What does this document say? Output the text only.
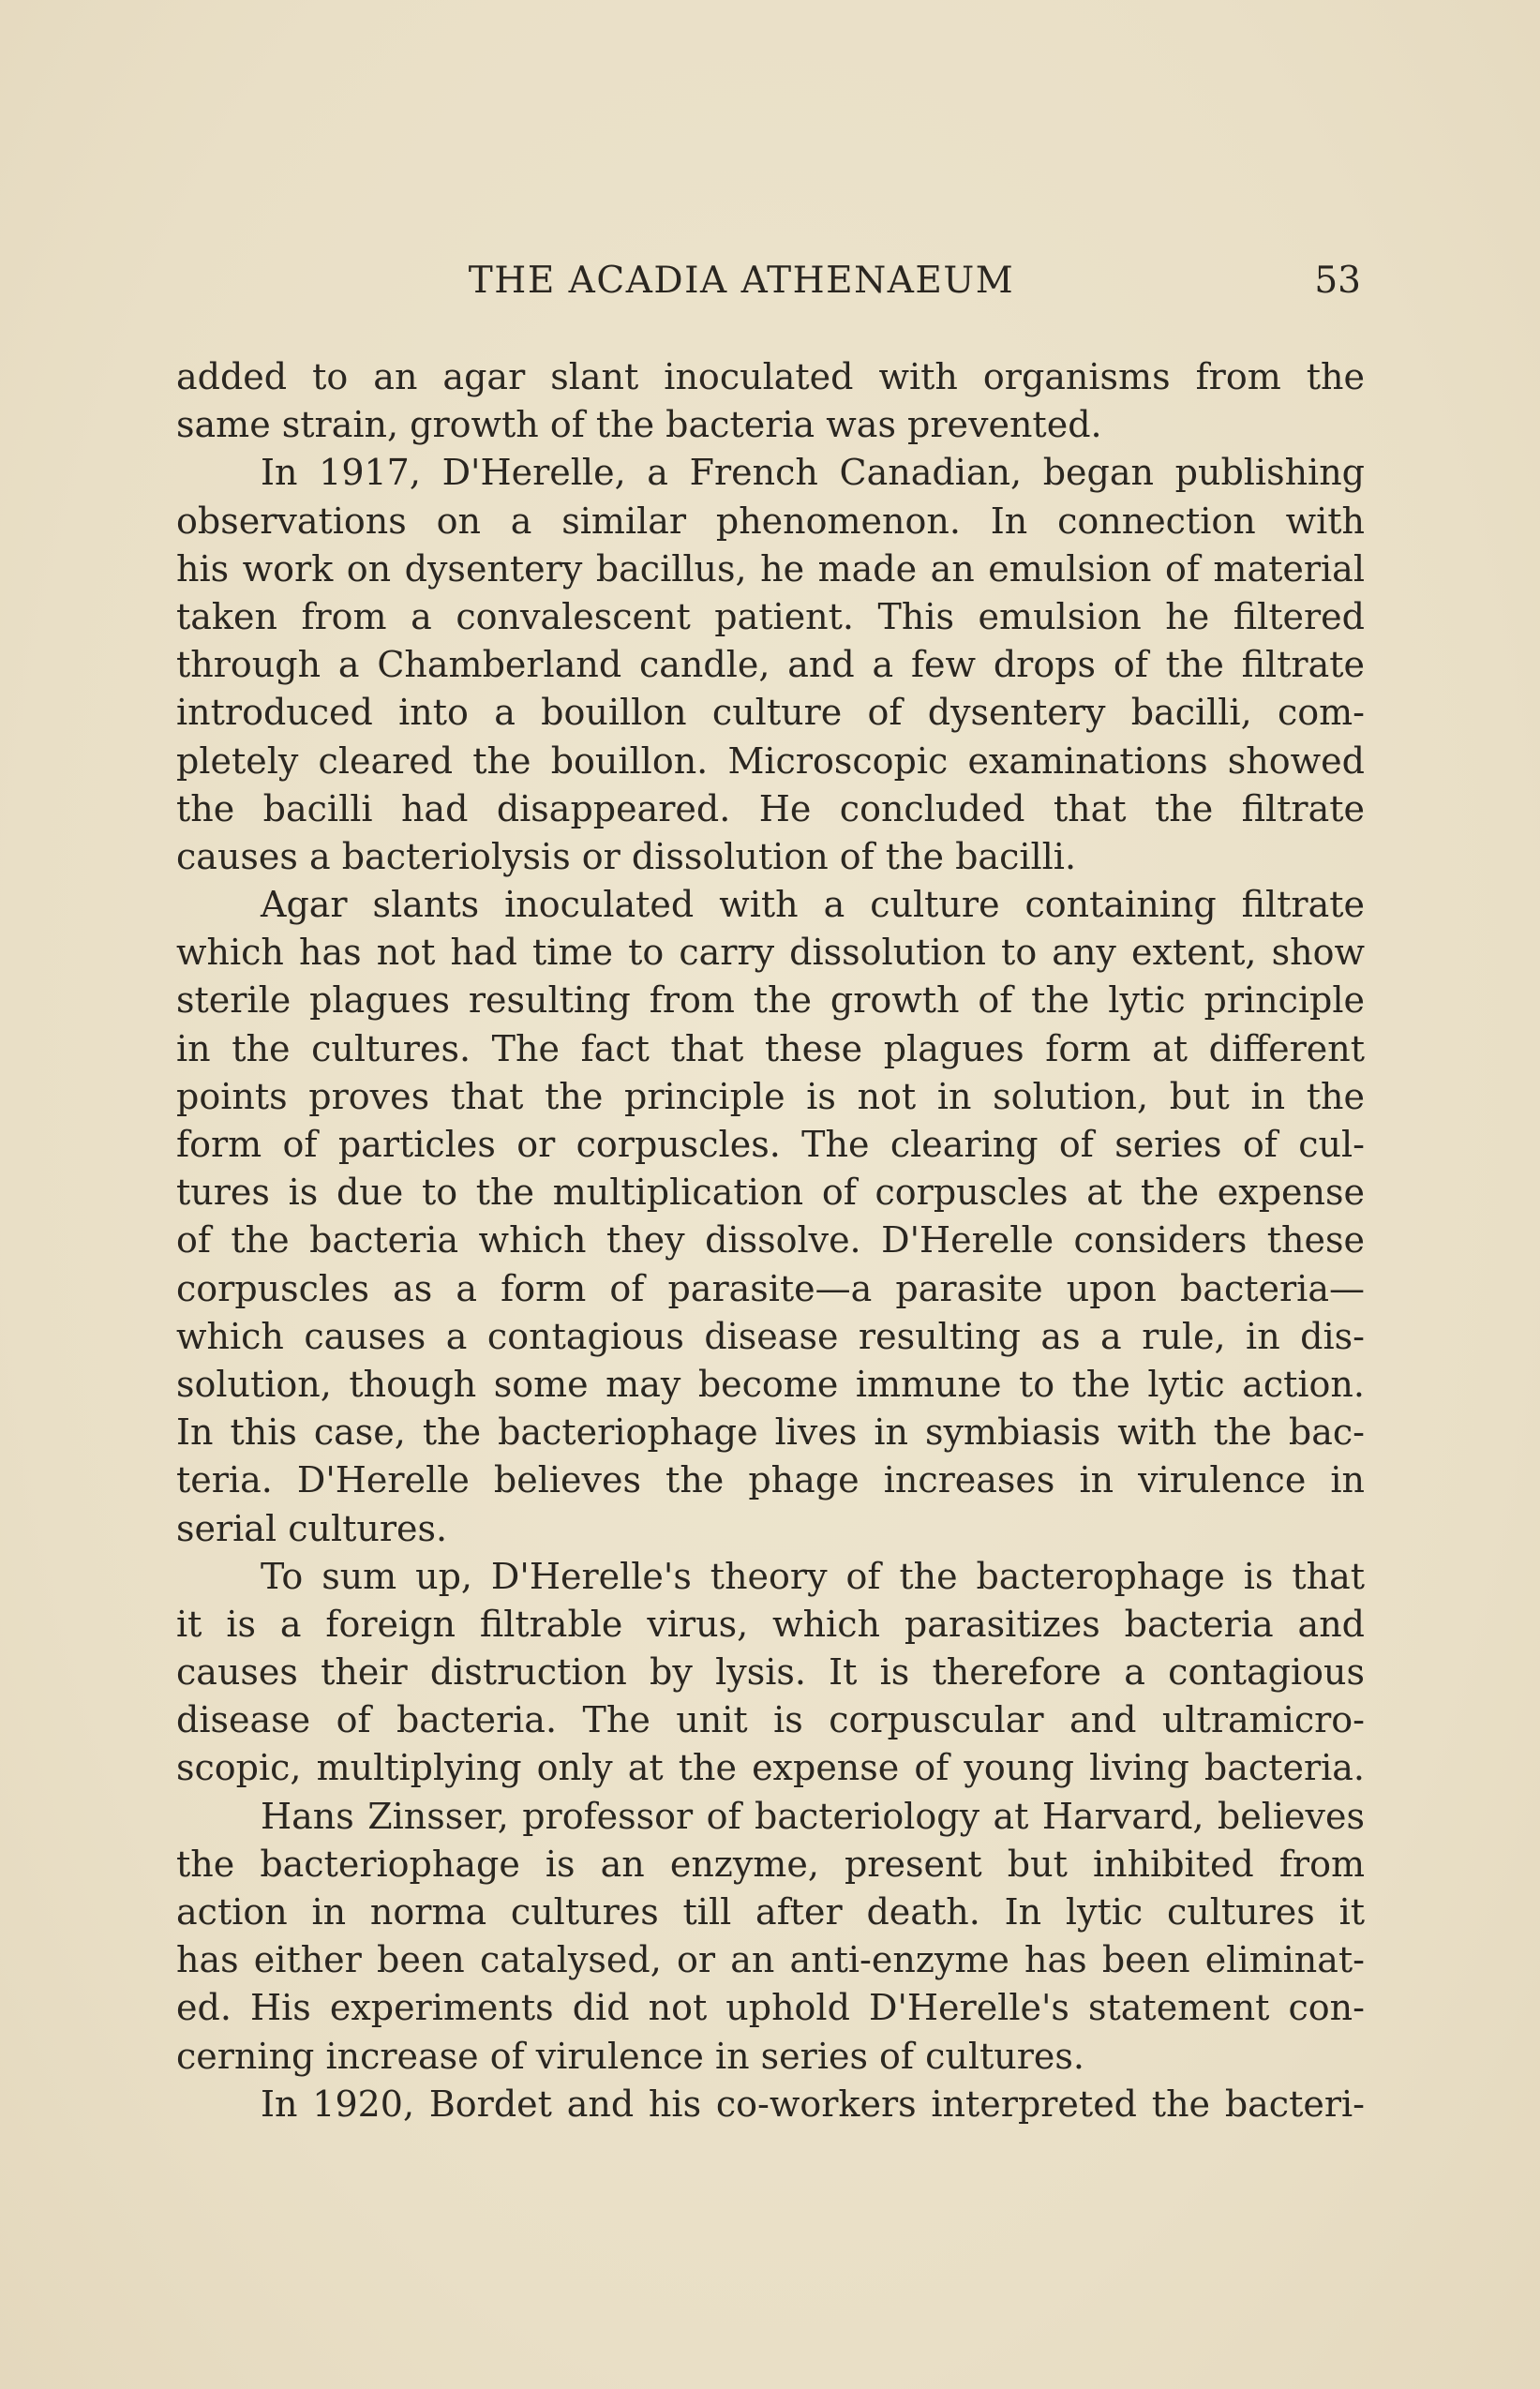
THE ACADIA ATHENAEUM	53
added to an agar slant inoculated with organisms from the
same strain, growth of the bacteria was prevented.
In 1917, D'Herelle, a French Canadian, began publishing
observations on a similar phenomenon. In connection with
his work on dysentery bacillus, he made an emulsion of material
taken from a convalescent patient. This emulsion he filtered
through a Chamberland candle, and a few drops of the filtrate
introduced into a bouillon culture of dysentery bacilli, com-
pletely cleared the bouillon. Microscopic examinations showed
the bacilli had disappeared. He concluded that the filtrate
causes a bacteriolysis or dissolution of the bacilli.
Agar slants inoculated with a culture containing filtrate
which has not had time to carry dissolution to any extent, show
sterile plagues resulting from the growth of the lytic principle
in the cultures. The fact that these plagues form at different
points proves that the principle is not in solution, but in the
form of particles or corpuscles. The clearing of series of cul-
tures is due to the multiplication of corpuscles at the expense
of the bacteria which they dissolve. D'Herelle considers these
corpuscles as a form of parasite—a parasite upon bacteria—
which causes a contagious disease resulting as a rule, in dis-
solution, though some may become immune to the lytic action.
In this case, the bacteriophage lives in symbiasis with the bac-
teria. D'Herelle believes the phage increases in virulence in
serial cultures.
To sum up, D'Herelle's theory of the bacterophage is that
it is a foreign filtrable virus, which parasitizes bacteria and
causes their distruction by lysis. It is therefore a contagious
disease of bacteria. The unit is corpuscular and ultramicro-
scopic, multiplying only at the expense of young living bacteria.
Hans Zinsser, professor of bacteriology at Harvard, believes
the bacteriophage is an enzyme, present but inhibited from
action in norma cultures till after death. In lytic cultures it
has either been catalysed, or an anti-enzyme has been eliminat-
ed. His experiments did not uphold D'Herelle's statement con-
cerning increase of virulence in series of cultures.
In 1920, Bordet and his co-workers interpreted the bacteri-
